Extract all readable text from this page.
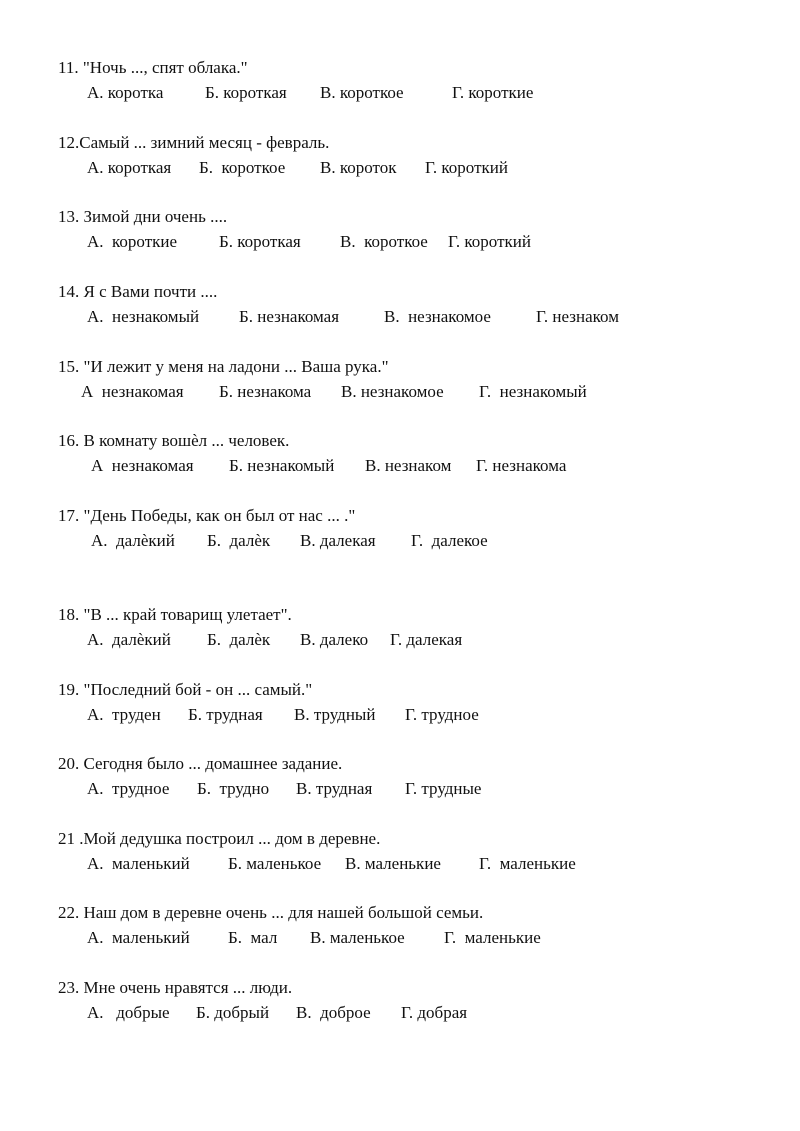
11. "Ночь ..., спят облака."
А. коротка Б. короткая В. короткое	Г. короткие
12.Самый ... зимний месяц - февраль.
А. короткая Б.  короткое В. короток Г. короткий
13. Зимой дни очень ....
А.  короткие Б. короткая В.  короткое Г. короткий
14. Я с Вами почти ....
А.  незнакомый Б. незнакомая	В.  незнакомое	Г. незнаком
15. "И лежит у меня на ладони ... Ваша рука."
А  незнакомая Б. незнакома В. незнакомое Г.  незнакомый
16. В комнату вошѐл ... человек.
А  незнакомая Б. незнакомый В. незнаком Г. незнакома
17. "День Победы, как он был от нас ... ."
А.  далѐкий Б.  далѐк В. далекая Г.  далекое
18. "В ... край товарищ улетает".
А.  далѐкий Б.  далѐк В. далеко Г. далекая
19. "Последний бой - он ... самый."
А.  труден Б. трудная В. трудный Г. трудное
20. Сегодня было ... домашнее задание.
А.  трудное Б.  трудно В. трудная Г. трудные
21 .Мой дедушка построил ... дом в деревне.
А.  маленький Б. маленькое В. маленькие Г.  маленькие
22. Наш дом в деревне очень ... для нашей большой семьи.
А.  маленький Б.  мал В. маленькое Г.  маленькие
23. Мне очень нравятся ... люди.
А.   добрые Б. добрый В.  доброе Г. добрая
